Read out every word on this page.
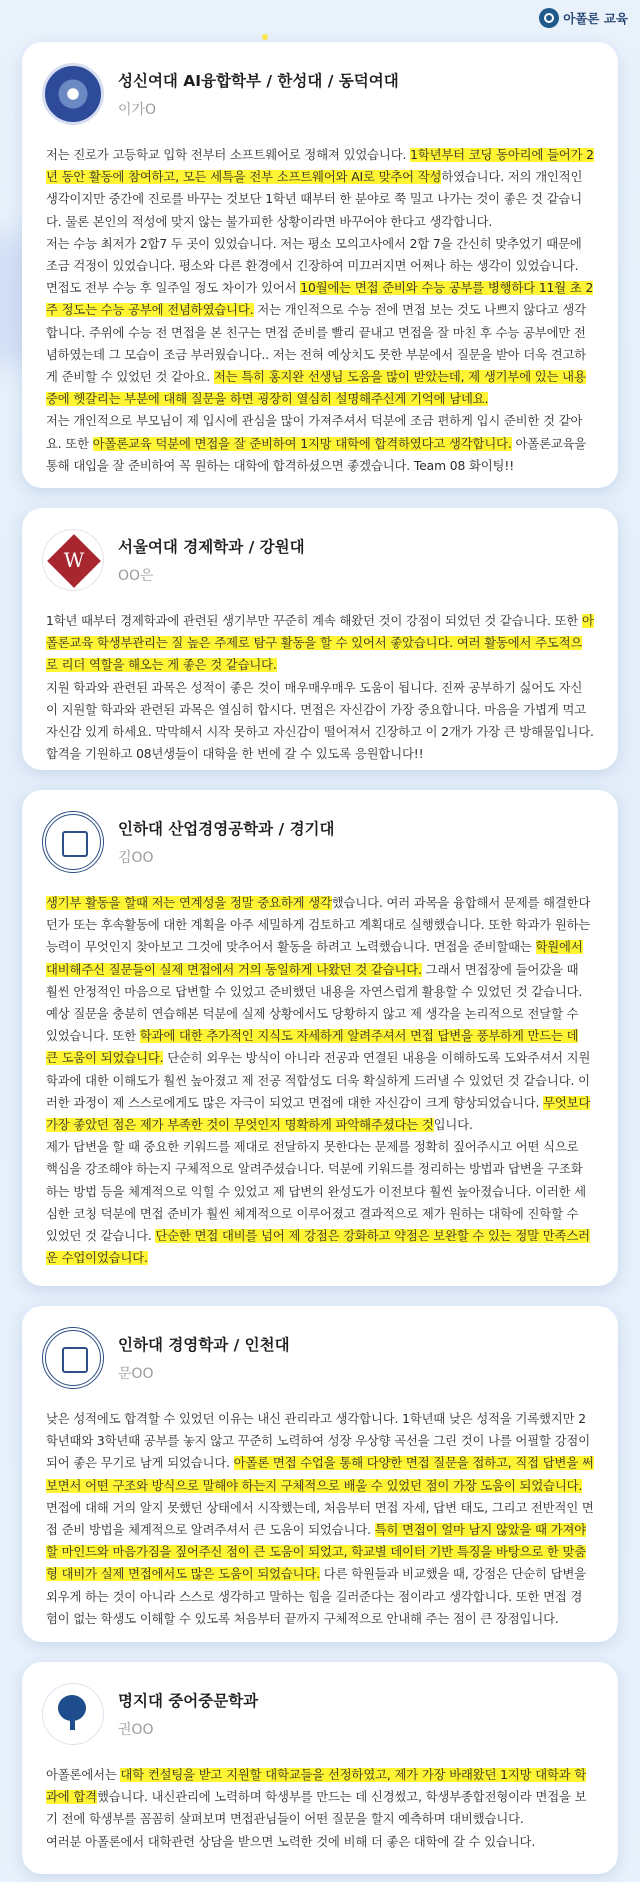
아폴론 교육
성신여대 AI융합학부 / 한성대 / 동덕여대
이가O
저는 진로가 고등학교 입학 전부터 소프트웨어로 정해져 있었습니다. 1학년부터 코딩 동아리에 들어가 2년 동안 활동에 참여하고, 모든 세특을 전부 소프트웨어와 AI로 맞추어 작성하였습니다. 저의 개인적인 생각이지만 중간에 진로를 바꾸는 것보단 1학년 때부터 한 분야로 쭉 밀고 나가는 것이 좋은 것 같습니다. 물론 본인의 적성에 맞지 않는 불가피한 상황이라면 바꾸어야 한다고 생각합니다.
저는 수능 최저가 2합7 두 곳이 있었습니다. 저는 평소 모의고사에서 2합 7을 간신히 맞추었기 때문에 조금 걱정이 있었습니다. 평소와 다른 환경에서 긴장하여 미끄러지면 어쩌나 하는 생각이 있었습니다.
면접도 전부 수능 후 일주일 정도 차이가 있어서 10월에는 면접 준비와 수능 공부를 병행하다 11월 초 2주 정도는 수능 공부에 전념하였습니다. 저는 개인적으로 수능 전에 면접 보는 것도 나쁘지 않다고 생각합니다. 주위에 수능 전 면접을 본 친구는 면접 준비를 빨리 끝내고 면접을 잘 마친 후 수능 공부에만 전념하였는데 그 모습이 조금 부러웠습니다.. 저는 전혀 예상치도 못한 부분에서 질문을 받아 더욱 견고하게 준비할 수 있었던 것 같아요. 저는 특히 홍지완 선생님 도움을 많이 받았는데, 제 생기부에 있는 내용 중에 헷갈리는 부분에 대해 질문을 하면 굉장히 열심히 설명해주신게 기억에 남네요.
저는 개인적으로 부모님이 제 입시에 관심을 많이 가져주셔서 덕분에 조금 편하게 입시 준비한 것 같아요. 또한 아폴론교육 덕분에 면접을 잘 준비하여 1지망 대학에 합격하였다고 생각합니다. 아폴론교육을 통해 대입을 잘 준비하여 꼭 원하는 대학에 합격하셨으면 좋겠습니다. Team 08 화이팅!!
W
서울여대 경제학과 / 강원대
OO은
1학년 때부터 경제학과에 관련된 생기부만 꾸준히 계속 해왔던 것이 강점이 되었던 것 같습니다. 또한 아폴론교육 학생부관리는 질 높은 주제로 탐구 활동을 할 수 있어서 좋았습니다. 여러 활동에서 주도적으로 리더 역할을 해오는 게 좋은 것 같습니다.
지원 학과와 관련된 과목은 성적이 좋은 것이 매우매우매우 도움이 됩니다. 진짜 공부하기 싫어도 자신이 지원할 학과와 관련된 과목은 열심히 합시다. 면접은 자신감이 가장 중요합니다. 마음을 가볍게 먹고 자신감 있게 하세요. 막막해서 시작 못하고 자신감이 떨어져서 긴장하고 이 2개가 가장 큰 방해물입니다. 합격을 기원하고 08년생들이 대학을 한 번에 갈 수 있도록 응원합니다!!
인하대 산업경영공학과 / 경기대
김OO
생기부 활동을 할때 저는 연계성을 정말 중요하게 생각했습니다. 여러 과목을 융합해서 문제를 해결한다던가 또는 후속활동에 대한 계획을 아주 세밀하게 검토하고 계획대로 실행했습니다. 또한 학과가 원하는 능력이 무엇인지 찾아보고 그것에 맞추어서 활동을 하려고 노력했습니다. 면접을 준비할때는 학원에서 대비해주신 질문들이 실제 면접에서 거의 동일하게 나왔던 것 같습니다. 그래서 면접장에 들어갔을 때 훨씬 안정적인 마음으로 답변할 수 있었고 준비했던 내용을 자연스럽게 활용할 수 있었던 것 같습니다. 예상 질문을 충분히 연습해본 덕분에 실제 상황에서도 당황하지 않고 제 생각을 논리적으로 전달할 수 있었습니다. 또한 학과에 대한 추가적인 지식도 자세하게 알려주셔서 면접 답변을 풍부하게 만드는 데 큰 도움이 되었습니다. 단순히 외우는 방식이 아니라 전공과 연결된 내용을 이해하도록 도와주셔서 지원 학과에 대한 이해도가 훨씬 높아졌고 제 전공 적합성도 더욱 확실하게 드러낼 수 있었던 것 같습니다. 이러한 과정이 제 스스로에게도 많은 자극이 되었고 면접에 대한 자신감이 크게 향상되었습니다. 무엇보다 가장 좋았던 점은 제가 부족한 것이 무엇인지 명확하게 파악해주셨다는 것입니다.
제가 답변을 할 때 중요한 키워드를 제대로 전달하지 못한다는 문제를 정확히 짚어주시고 어떤 식으로 핵심을 강조해야 하는지 구체적으로 알려주셨습니다. 덕분에 키워드를 정리하는 방법과 답변을 구조화하는 방법 등을 체계적으로 익힐 수 있었고 제 답변의 완성도가 이전보다 훨씬 높아졌습니다. 이러한 세심한 코칭 덕분에 면접 준비가 훨씬 체계적으로 이루어졌고 결과적으로 제가 원하는 대학에 진학할 수 있었던 것 같습니다. 단순한 면접 대비를 넘어 제 강점은 강화하고 약점은 보완할 수 있는 정말 만족스러운 수업이었습니다.
인하대 경영학과 / 인천대
문OO
낮은 성적에도 합격할 수 있었던 이유는 내신 관리라고 생각합니다. 1학년때 낮은 성적을 기록했지만 2학년때와 3학년때 공부를 놓지 않고 꾸준히 노력하여 성장 우상향 곡선을 그린 것이 나를 어필할 강점이 되어 좋은 무기로 남게 되었습니다. 아폴론 면접 수업을 통해 다양한 면접 질문을 접하고, 직접 답변을 써보면서 어떤 구조와 방식으로 말해야 하는지 구체적으로 배울 수 있었던 점이 가장 도움이 되었습니다. 면접에 대해 거의 알지 못했던 상태에서 시작했는데, 처음부터 면접 자세, 답변 태도, 그리고 전반적인 면접 준비 방법을 체계적으로 알려주셔서 큰 도움이 되었습니다. 특히 면접이 얼마 남지 않았을 때 가져야 할 마인드와 마음가짐을 짚어주신 점이 큰 도움이 되었고, 학교별 데이터 기반 특징을 바탕으로 한 맞춤형 대비가 실제 면접에서도 많은 도움이 되었습니다. 다른 학원들과 비교했을 때, 강점은 단순히 답변을 외우게 하는 것이 아니라 스스로 생각하고 말하는 힘을 길러준다는 점이라고 생각합니다. 또한 면접 경험이 없는 학생도 이해할 수 있도록 처음부터 끝까지 구체적으로 안내해 주는 점이 큰 장점입니다.
명지대 중어중문학과
권OO
아폴론에서는 대학 컨설팅을 받고 지원할 대학교들을 선정하였고, 제가 가장 바래왔던 1지망 대학과 학과에 합격했습니다. 내신관리에 노력하며 학생부를 만드는 데 신경썼고, 학생부종합전형이라 면접을 보기 전에 학생부를 꼼꼼히 살펴보며 면접관님들이 어떤 질문을 할지 예측하며 대비했습니다.
여러분 아폴론에서 대학관련 상담을 받으면 노력한 것에 비해 더 좋은 대학에 갈 수 있습니다.
